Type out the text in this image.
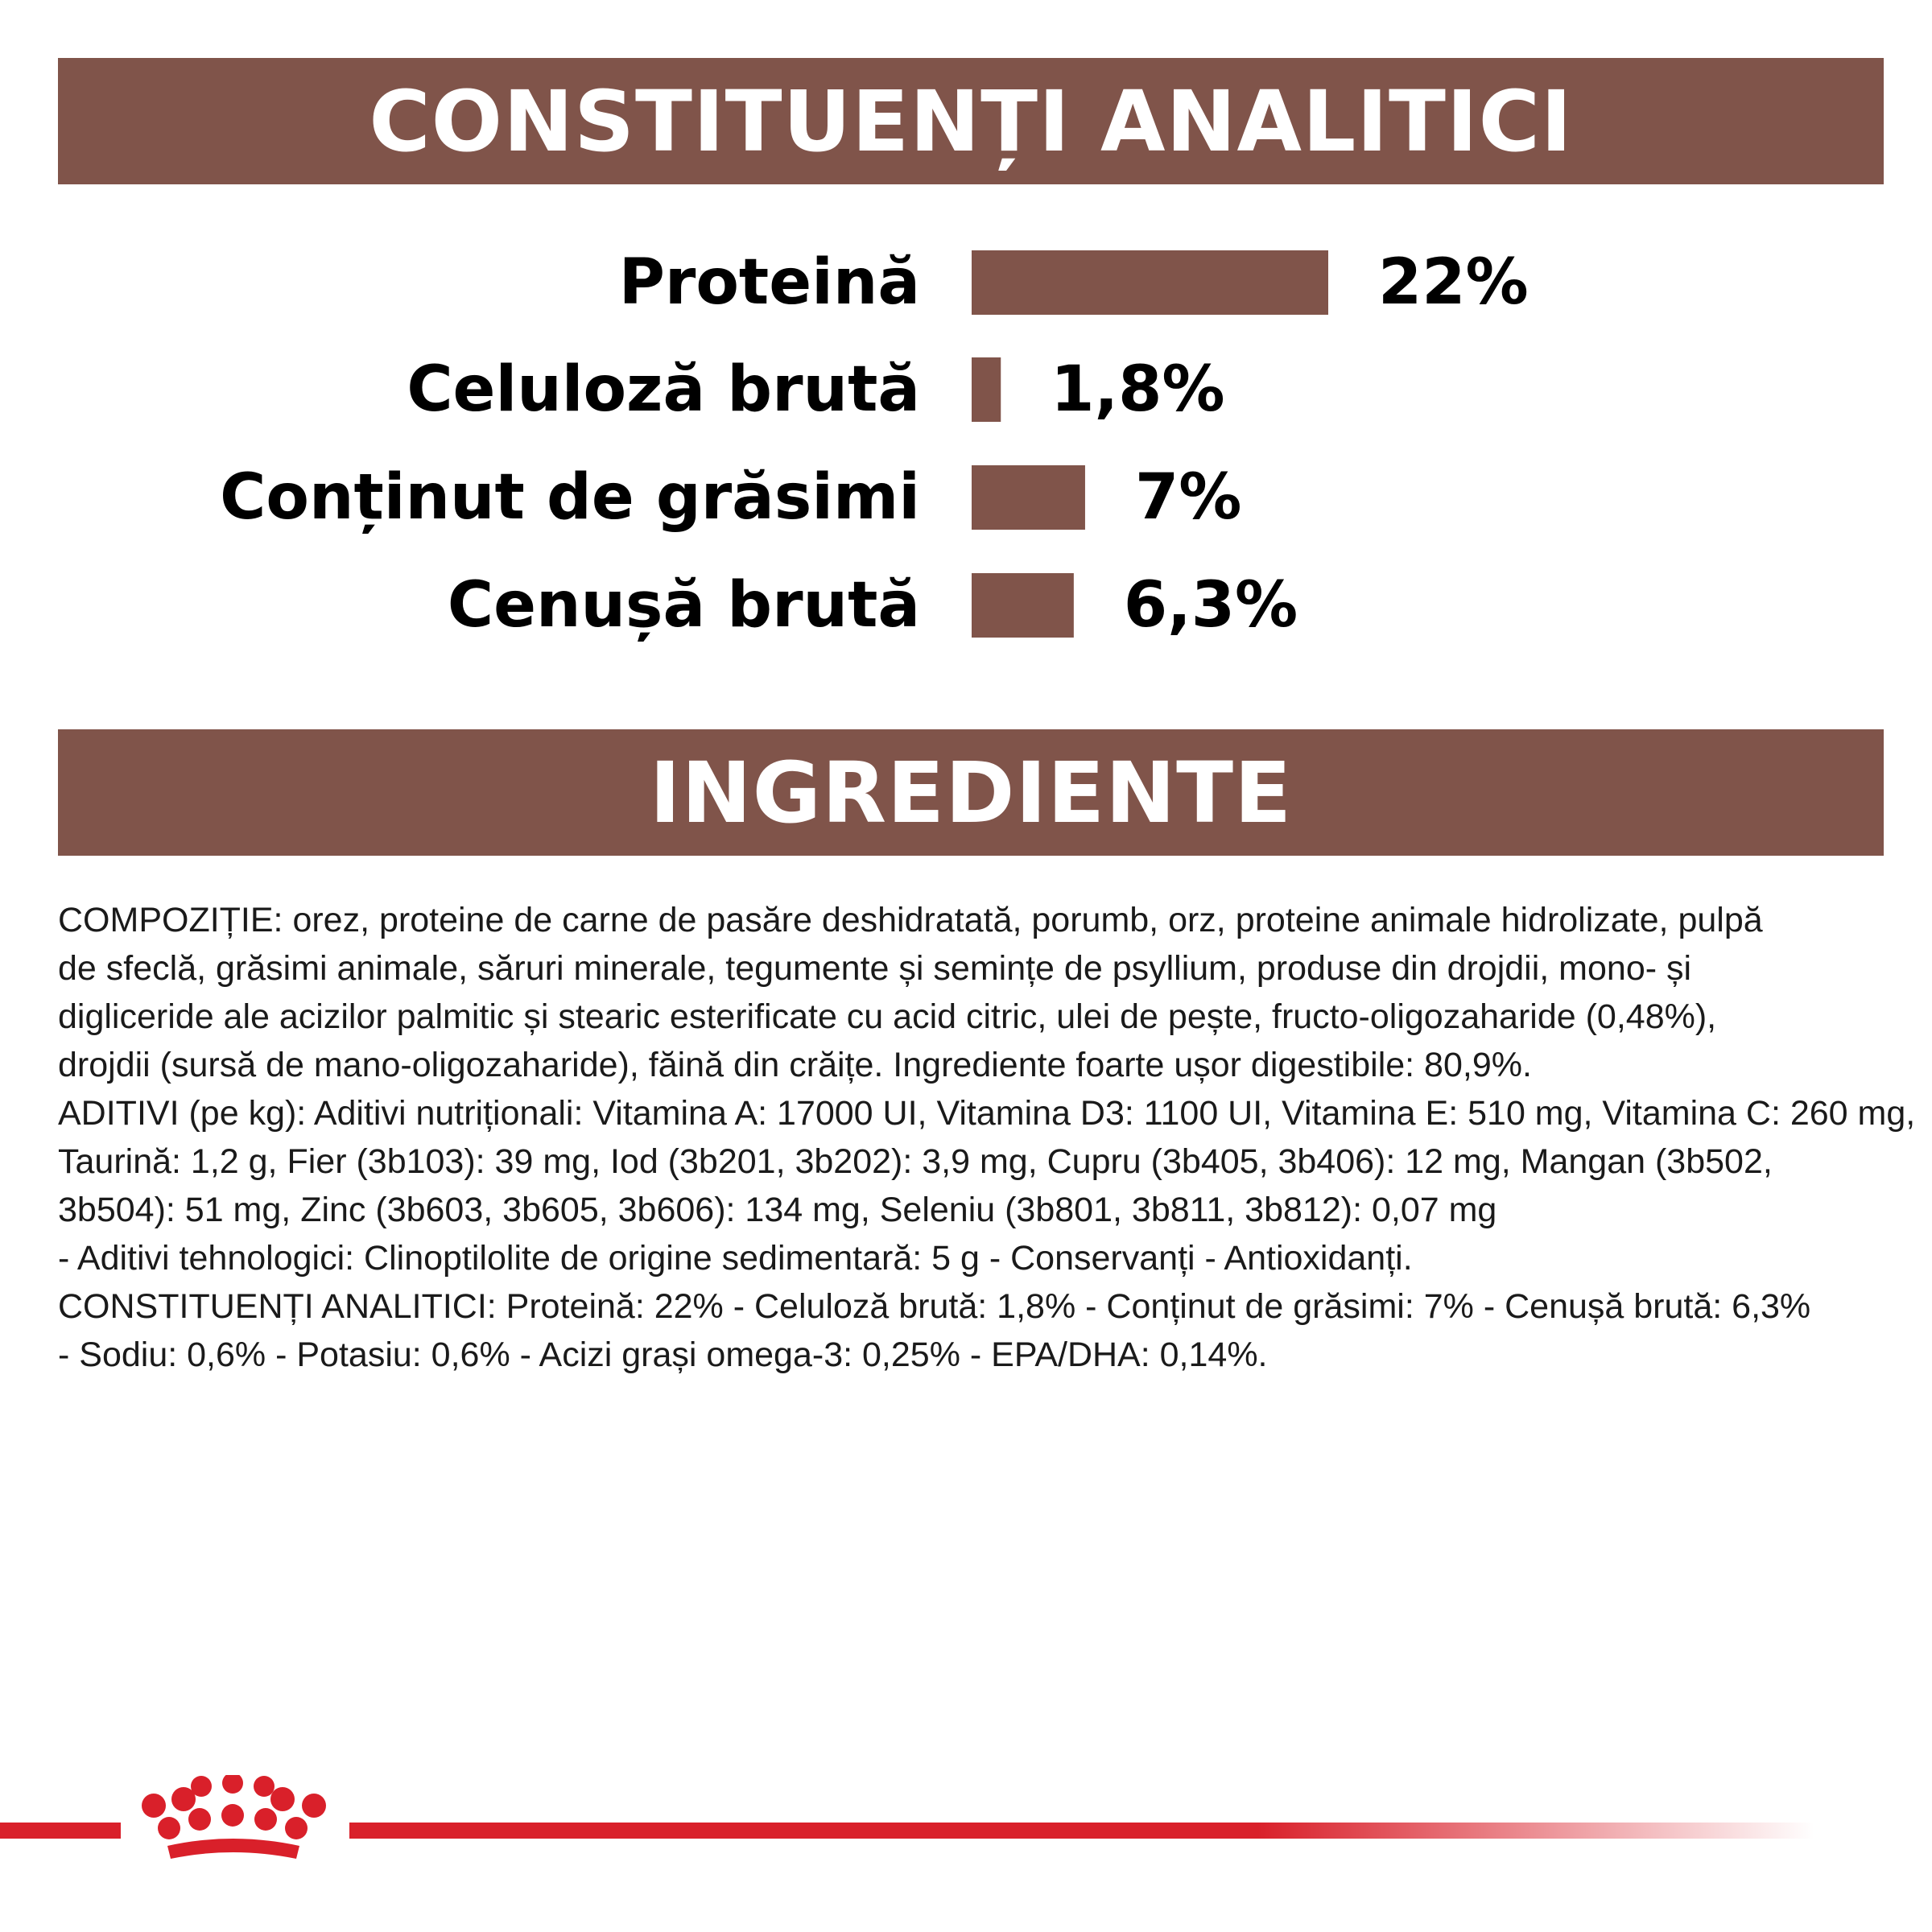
CONSTITUENȚI ANALITICI
Proteină	22%
Celuloză brută 1,8%
Conținut de grăsimi	7%
Cenușă brută	6,3%
INGREDIENTE

COMPOZIȚIE: orez, proteine de carne de pasăre deshidratată, porumb, orz, proteine animale hidrolizate, pulpă

de sfeclă, grăsimi animale, săruri minerale, tegumente și semințe de psyllium, produse din drojdii, mono- și

digliceride ale acizilor palmitic și stearic esterificate cu acid citric, ulei de pește, fructo-oligozaharide (0,48%),

drojdii (sursă de mano-oligozaharide), făină din crăițe. Ingrediente foarte ușor digestibile: 80,9%.

ADITIVI (pe kg): Aditivi nutriționali: Vitamina A: 17000 UI, Vitamina D3: 1100 UI, Vitamina E: 510 mg, Vitamina C: 260 mg,

Taurină: 1,2 g, Fier (3b103): 39 mg, Iod (3b201, 3b202): 3,9 mg, Cupru (3b405, 3b406): 12 mg, Mangan (3b502,

3b504): 51 mg, Zinc (3b603, 3b605, 3b606): 134 mg, Seleniu (3b801, 3b811, 3b812): 0,07 mg

- Aditivi tehnologici: Clinoptilolite de origine sedimentară: 5 g - Conservanți - Antioxidanți.

CONSTITUENȚI ANALITICI: Proteină: 22% - Celuloză brută: 1,8% - Conținut de grăsimi: 7% - Cenușă brută: 6,3%

- Sodiu: 0,6% - Potasiu: 0,6% - Acizi grași omega-3: 0,25% - EPA/DHA: 0,14%.
